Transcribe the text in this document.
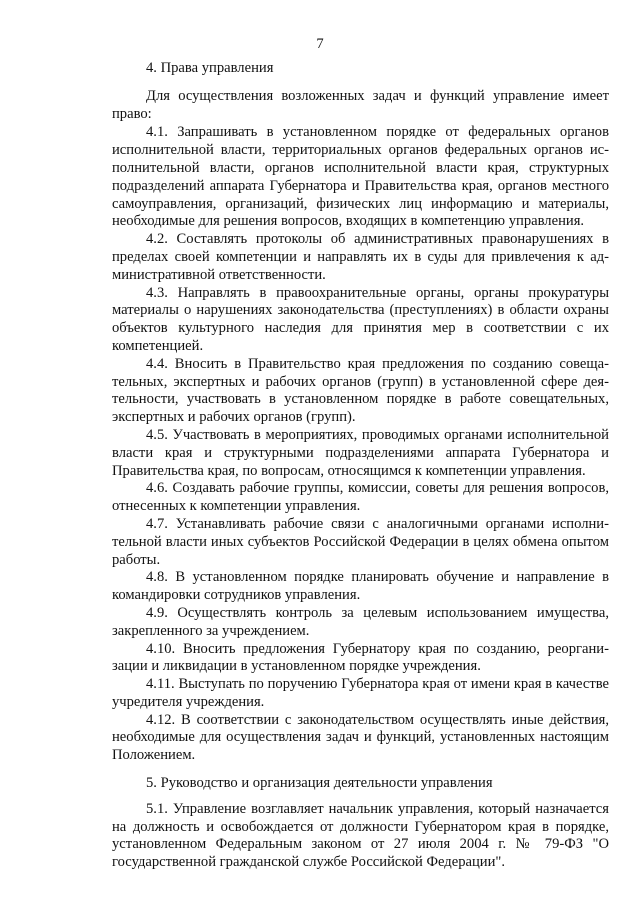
7

4. Права управления

Для осуществления возложенных задач и функций управление имеет право:

4.1. Запрашивать в установленном порядке от федеральных органов исполнительной власти, территориальных органов федеральных органов исполнительной власти, органов исполнительной власти края, структурных подразделений аппарата Губернатора и Правительства края, органов местного самоуправления, организаций, физических лиц информацию и материалы, необходимые для решения вопросов, входящих в компетенцию управления.

4.2. Составлять протоколы об административных правонарушениях в пределах своей компетенции и направлять их в суды для привлечения к административной ответственности.

4.3. Направлять в правоохранительные органы, органы прокуратуры материалы о нарушениях законодательства (преступлениях) в области охраны объектов культурного наследия для принятия мер в соответствии с их компетенцией.

4.4. Вносить в Правительство края предложения по созданию совещательных, экспертных и рабочих органов (групп) в установленной сфере деятельности, участвовать в установленном порядке в работе совещательных, экспертных и рабочих органов (групп).

4.5. Участвовать в мероприятиях, проводимых органами исполнительной власти края и структурными подразделениями аппарата Губернатора и Правительства края, по вопросам, относящимся к компетенции управления.

4.6. Создавать рабочие группы, комиссии, советы для решения вопросов, отнесенных к компетенции управления.

4.7. Устанавливать рабочие связи с аналогичными органами исполнительной власти иных субъектов Российской Федерации в целях обмена опытом работы.

4.8. В установленном порядке планировать обучение и направление в командировки сотрудников управления.

4.9. Осуществлять контроль за целевым использованием имущества, закрепленного за учреждением.

4.10. Вносить предложения Губернатору края по созданию, реорганизации и ликвидации в установленном порядке учреждения.

4.11. Выступать по поручению Губернатора края от имени края в качестве учредителя учреждения.

4.12. В соответствии с законодательством осуществлять иные действия, необходимые для осуществления задач и функций, установленных настоящим Положением.

5. Руководство и организация деятельности управления

5.1. Управление возглавляет начальник управления, который назначается на должность и освобождается от должности Губернатором края в порядке, установленном Федеральным законом от 27 июля 2004 г. № 79-ФЗ "О государственной гражданской службе Российской Федерации".
